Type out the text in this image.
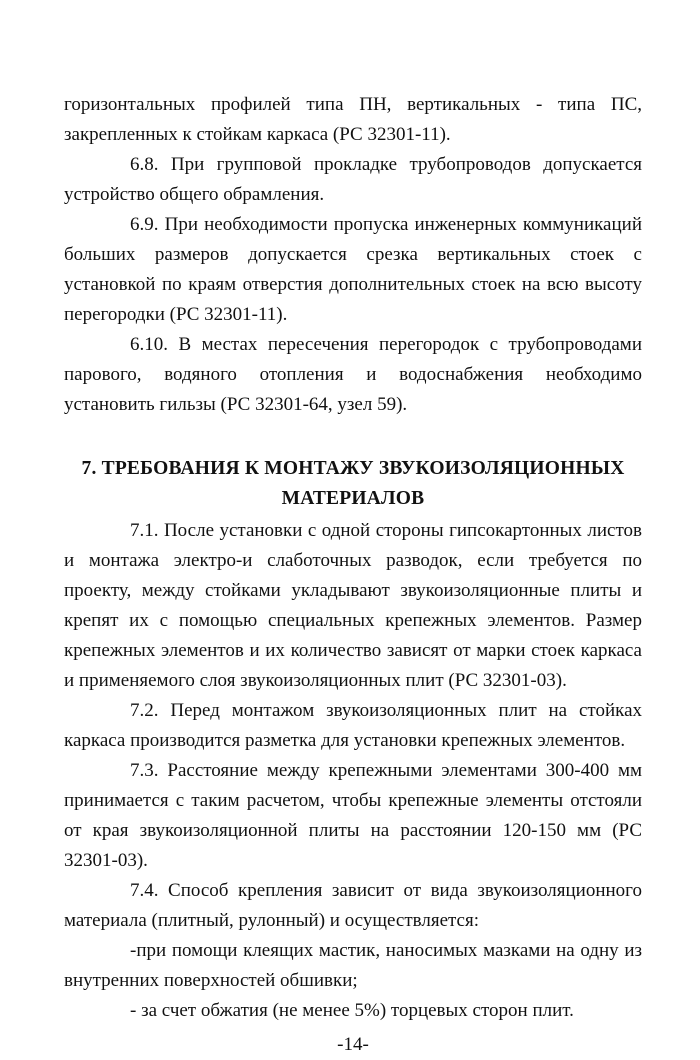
горизонтальных профилей типа ПН, вертикальных - типа ПС, закрепленных к стойкам каркаса (РС 32301-11).

6.8. При групповой прокладке трубопроводов допускается устройство общего обрамления.

6.9. При необходимости пропуска инженерных коммуникаций больших размеров допускается срезка вертикальных стоек с установкой по краям отверстия дополнительных стоек на всю высоту перегородки (РС 32301-11).

6.10. В местах пересечения перегородок с трубопроводами парового, водяного отопления и водоснабжения необходимо установить гильзы (РС 32301-64, узел 59).

7. ТРЕБОВАНИЯ К МОНТАЖУ ЗВУКОИЗОЛЯЦИОННЫХ МАТЕРИАЛОВ

7.1. После установки с одной стороны гипсокартонных листов и монтажа электро-и слаботочных разводок, если требуется по проекту, между стойками укладывают звукоизоляционные плиты и крепят их с помощью специальных крепежных элементов. Размер крепежных элементов и их количество зависят от марки стоек каркаса и применяемого слоя звукоизоляционных плит (РС 32301-03).

7.2. Перед монтажом звукоизоляционных плит на стойках каркаса производится разметка для установки крепежных элементов.

7.3. Расстояние между крепежными элементами 300-400 мм принимается с таким расчетом, чтобы крепежные элементы отстояли от края звукоизоляционной плиты на расстоянии 120-150 мм (РС 32301-03).

7.4. Способ крепления зависит от вида звукоизоляционного материала (плитный, рулонный) и осуществляется:

-при помощи клеящих мастик, наносимых мазками на одну из внутренних поверхностей обшивки;

- за счет обжатия (не менее 5%) торцевых сторон плит.

-14-
